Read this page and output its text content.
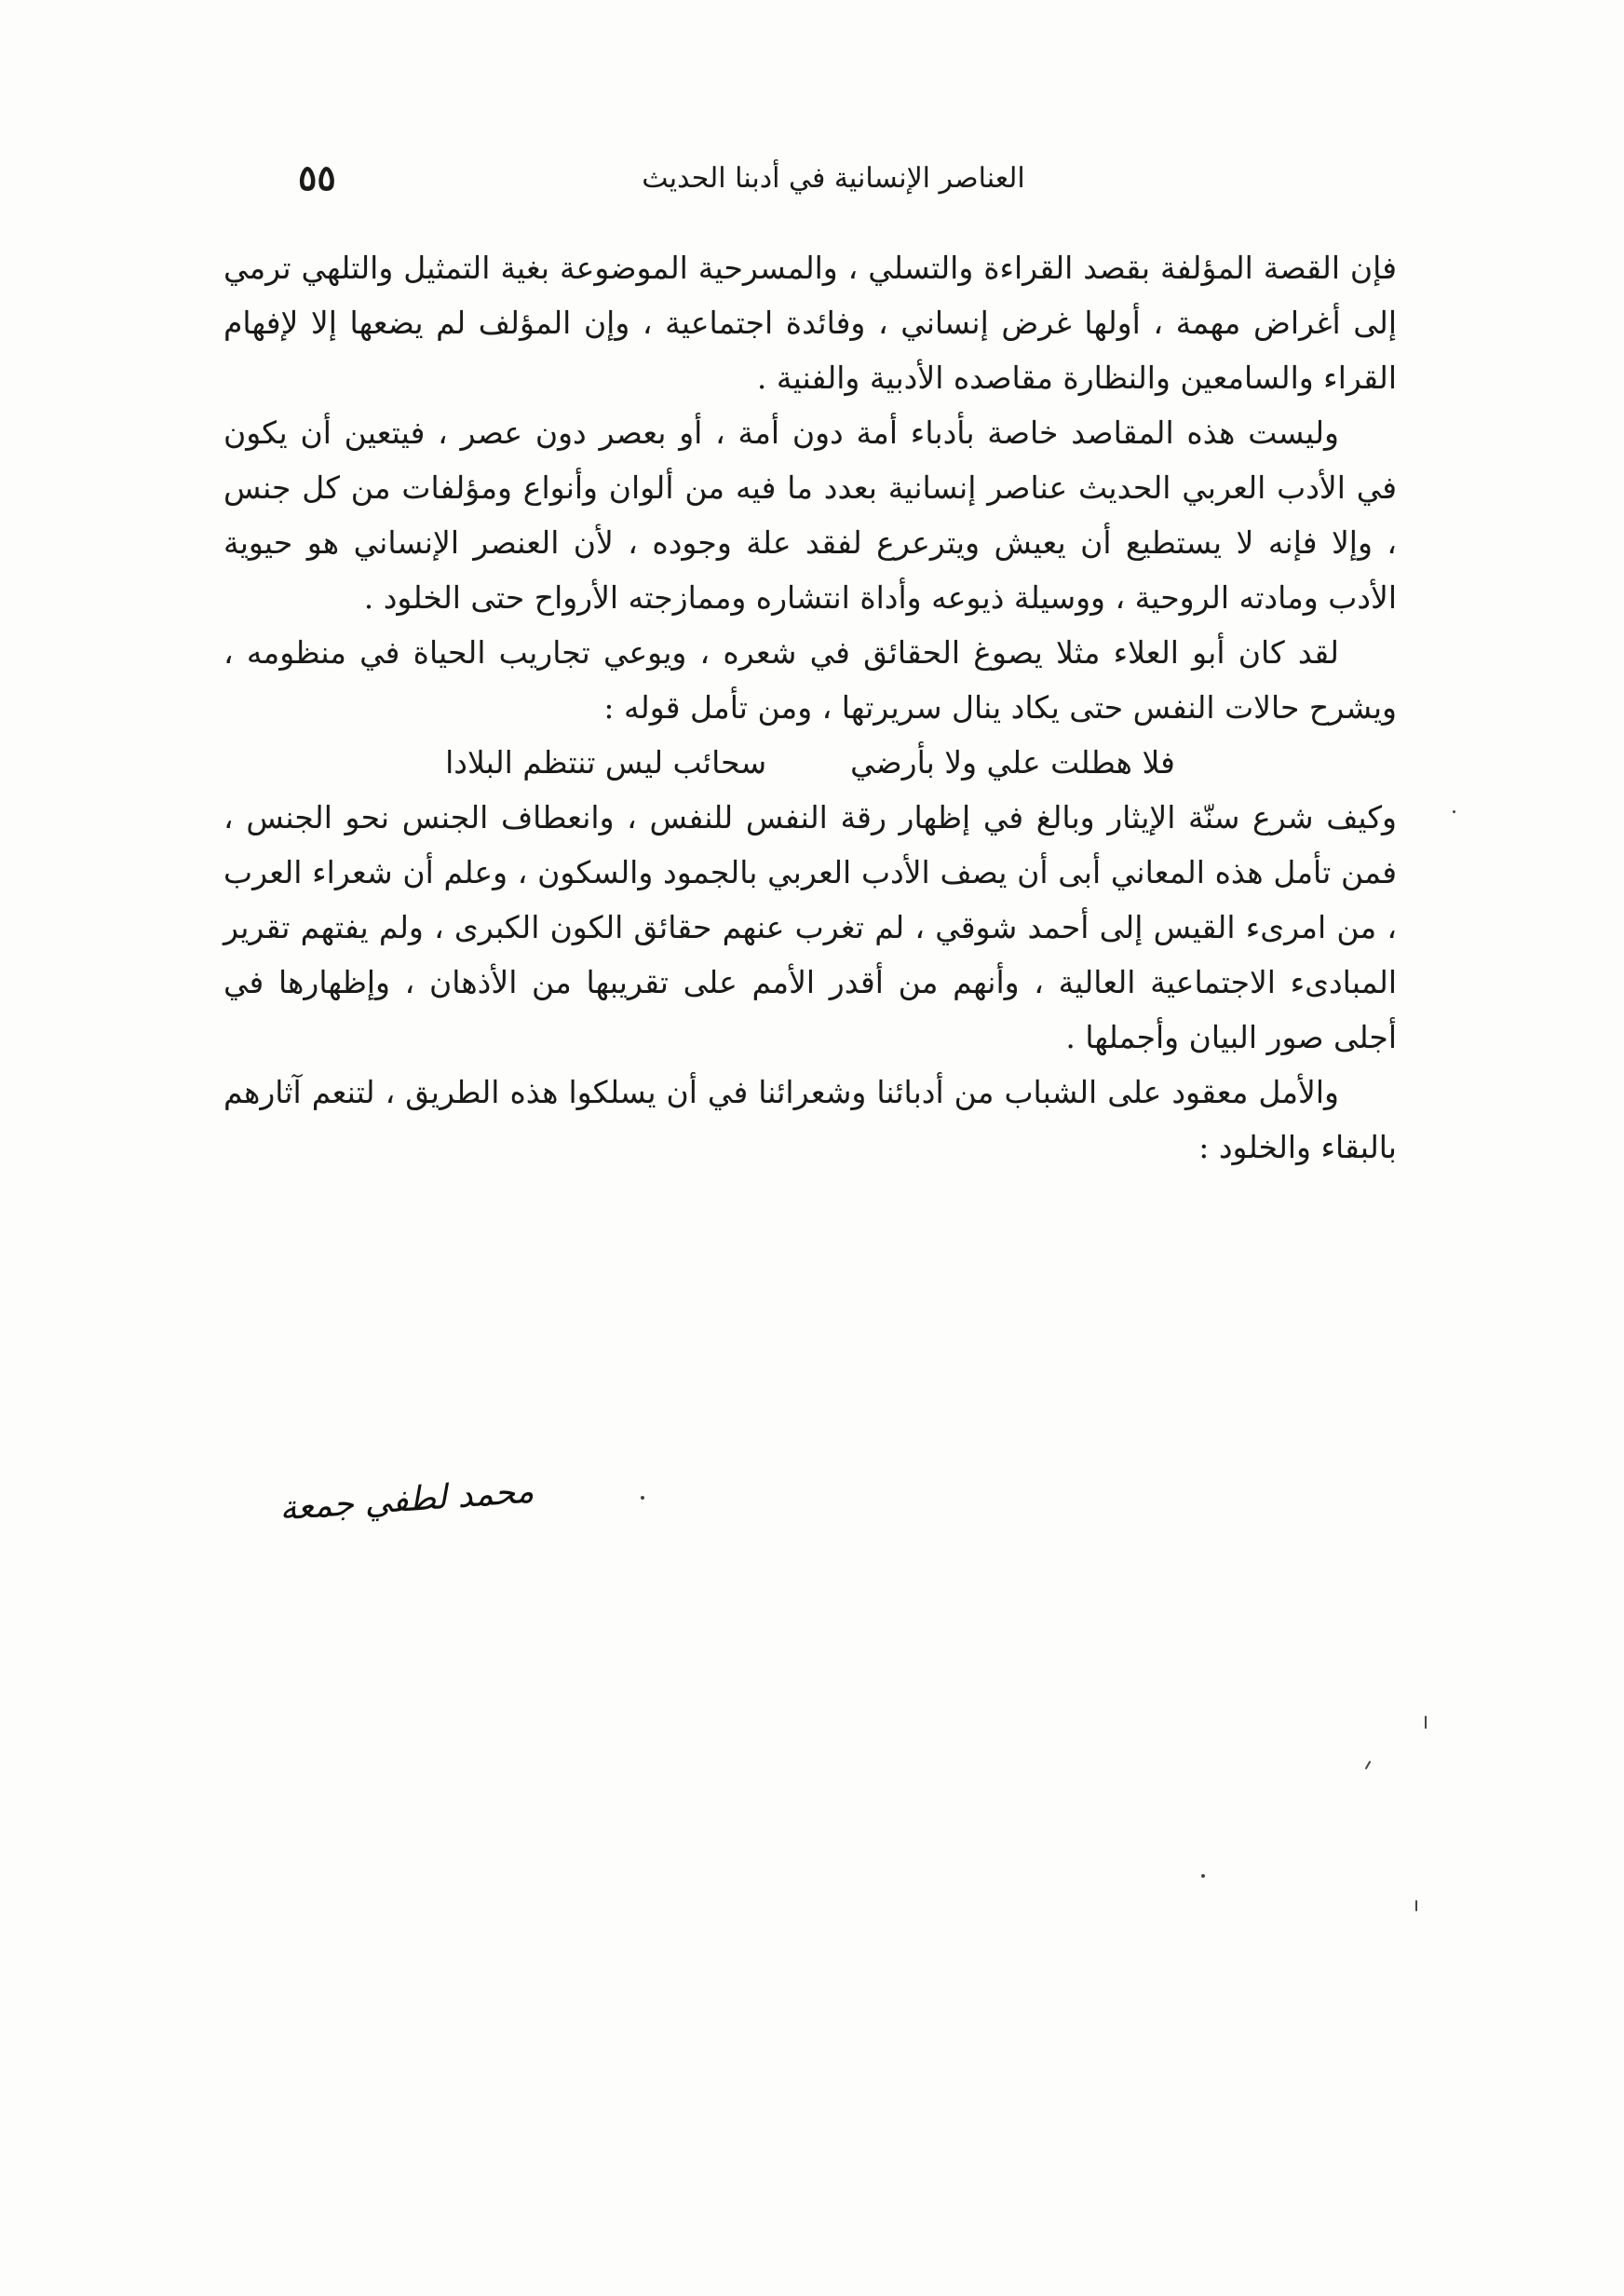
٥٥	العناصر الإنسانية في أدبنا الحديث

فإن القصة المؤلفة بقصد القراءة والتسلي ، والمسرحية الموضوعة بغية التمثيل والتلهي ترمي إلى أغراض مهمة ، أولها غرض إنساني ، وفائدة اجتماعية ، وإن المؤلف لم يضعها إلا لإفهام القراء والسامعين والنظارة مقاصده الأدبية والفنية .

وليست هذه المقاصد خاصة بأدباء أمة دون أمة ، أو بعصر دون عصر ، فيتعين أن يكون في الأدب العربي الحديث عناصر إنسانية بعدد ما فيه من ألوان وأنواع ومؤلفات من كل جنس ، وإلا فإنه لا يستطيع أن يعيش ويترعرع لفقد علة وجوده ، لأن العنصر الإنساني هو حيوية الأدب ومادته الروحية ، ووسيلة ذيوعه وأداة انتشاره وممازجته الأرواح حتى الخلود .

لقد كان أبو العلاء مثلا يصوغ الحقائق في شعره ، ويوعي تجاريب الحياة في منظومه ، ويشرح حالات النفس حتى يكاد ينال سريرتها ، ومن تأمل قوله :

فلا هطلت علي ولا بأرضي
سحائب ليس تنتظم البلادا

وكيف شرع سنّة الإيثار وبالغ في إظهار رقة النفس للنفس ، وانعطاف الجنس نحو الجنس ، فمن تأمل هذه المعاني أبى أن يصف الأدب العربي بالجمود والسكون ، وعلم أن شعراء العرب ، من امرىء القيس إلى أحمد شوقي ، لم تغرب عنهم حقائق الكون الكبرى ، ولم يفتهم تقرير المبادىء الاجتماعية العالية ، وأنهم من أقدر الأمم على تقريبها من الأذهان ، وإظهارها في أجلى صور البيان وأجملها .

والأمل معقود على الشباب من أدبائنا وشعرائنا في أن يسلكوا هذه الطريق ، لتنعم آثارهم بالبقاء والخلود :

محمد لطفي جمعة
